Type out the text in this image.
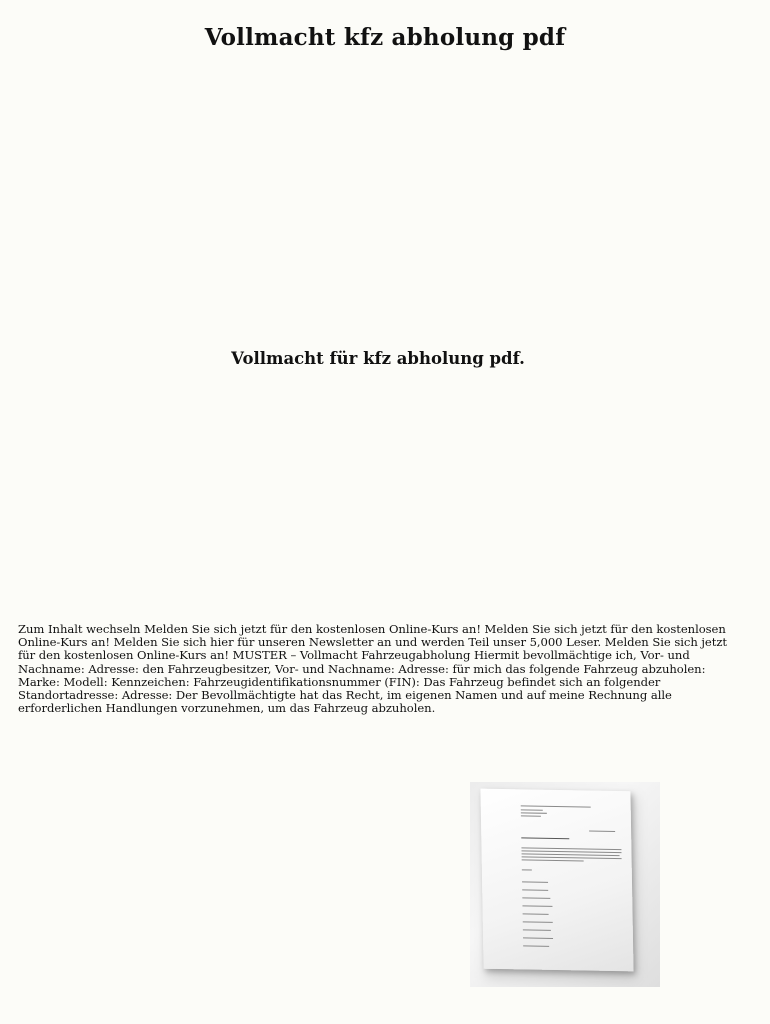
Vollmacht kfz abholung pdf
Vollmacht für kfz abholung pdf.

Zum Inhalt wechseln Melden Sie sich jetzt für den kostenlosen Online-Kurs an! Melden Sie sich jetzt für den kostenlosen Online-Kurs an! Melden Sie sich hier für unseren Newsletter an und werden Teil unser 5,000 Leser. Melden Sie sich jetzt für den kostenlosen Online-Kurs an! MUSTER – Vollmacht Fahrzeugabholung Hiermit bevollmächtige ich, Vor- und Nachname: Adresse: den Fahrzeugbesitzer, Vor- und Nachname: Adresse: für mich das folgende Fahrzeug abzuholen: Marke: Modell: Kennzeichen: Fahrzeugidentifikationsnummer (FIN): Das Fahrzeug befindet sich an folgender Standortadresse: Adresse: Der Bevollmächtigte hat das Recht, im eigenen Namen und auf meine Rechnung alle erforderlichen Handlungen vorzunehmen, um das Fahrzeug abzuholen.
